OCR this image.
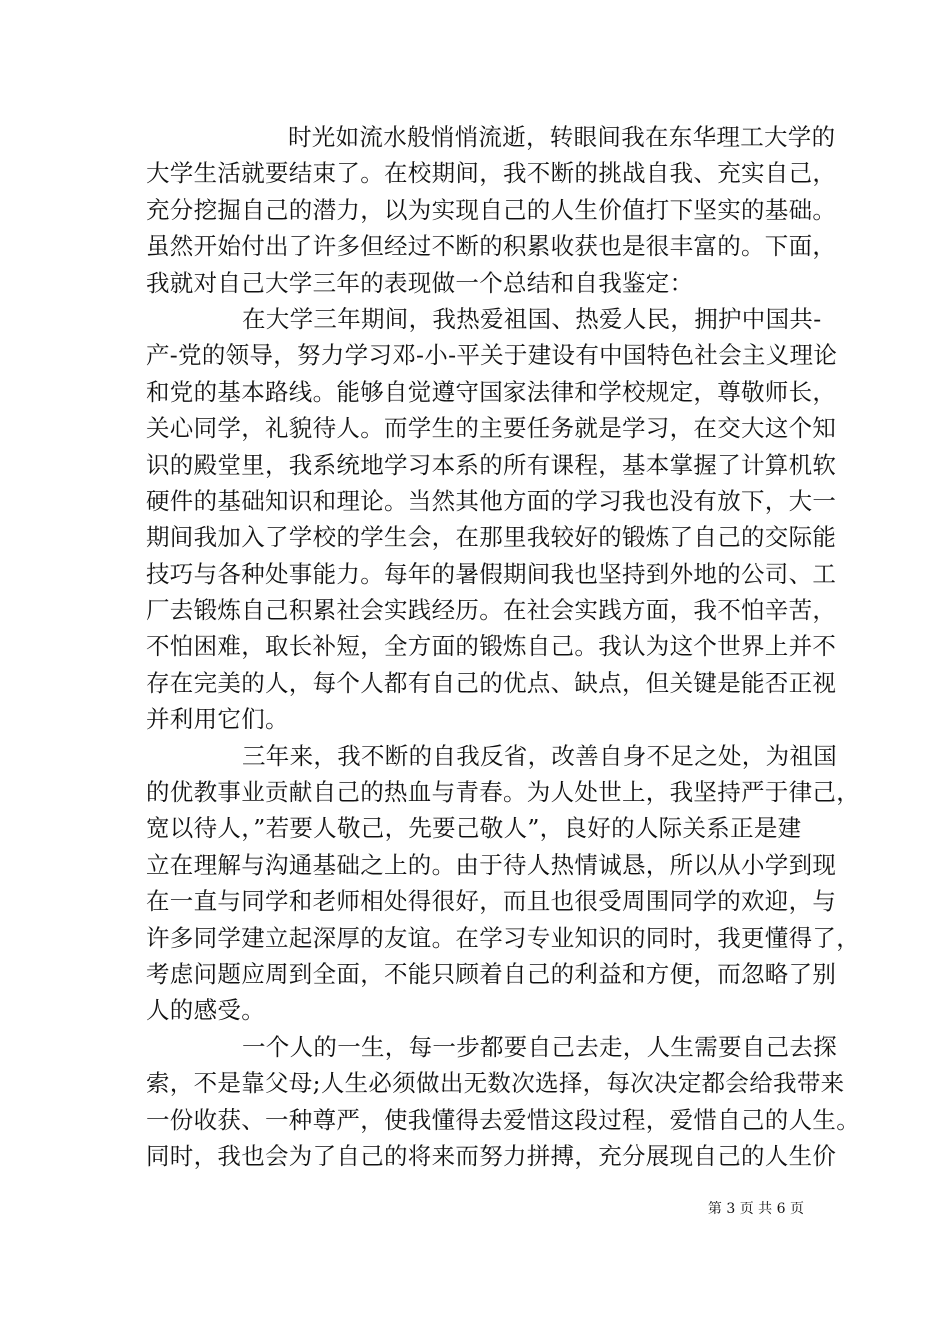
时光如流水般悄悄流逝，转眼间我在东华理工大学的
大学生活就要结束了。在校期间，我不断的挑战自我、充实自己，
充分挖掘自己的潜力，以为实现自己的人生价值打下坚实的基础。
虽然开始付出了许多但经过不断的积累收获也是很丰富的。下面，
我就对自己大学三年的表现做一个总结和自我鉴定：
在大学三年期间，我热爱祖国、热爱人民，拥护中国共-
产-党的领导，努力学习邓-小-平关于建设有中国特色社会主义理论
和党的基本路线。能够自觉遵守国家法律和学校规定，尊敬师长，
关心同学，礼貌待人。而学生的主要任务就是学习，在交大这个知
识的殿堂里，我系统地学习本系的所有课程，基本掌握了计算机软
硬件的基础知识和理论。当然其他方面的学习我也没有放下，大一
期间我加入了学校的学生会，在那里我较好的锻炼了自己的交际能
技巧与各种处事能力。每年的暑假期间我也坚持到外地的公司、工
厂去锻炼自己积累社会实践经历。在社会实践方面，我不怕辛苦，
不怕困难，取长补短，全方面的锻炼自己。我认为这个世界上并不
存在完美的人，每个人都有自己的优点、缺点，但关键是能否正视
并利用它们。
三年来，我不断的自我反省，改善自身不足之处，为祖国
的优教事业贡献自己的热血与青春。为人处世上，我坚持严于律己，
宽以待人，”若要人敬己，先要己敬人”，良好的人际关系正是建
立在理解与沟通基础之上的。由于待人热情诚恳，所以从小学到现
在一直与同学和老师相处得很好，而且也很受周围同学的欢迎，与
许多同学建立起深厚的友谊。在学习专业知识的同时，我更懂得了，
考虑问题应周到全面，不能只顾着自己的利益和方便，而忽略了别
人的感受。
一个人的一生，每一步都要自己去走，人生需要自己去探
索，不是靠父母;人生必须做出无数次选择，每次决定都会给我带来
一份收获、一种尊严，使我懂得去爱惜这段过程，爱惜自己的人生。
同时，我也会为了自己的将来而努力拼搏，充分展现自己的人生价
第 3 页 共 6 页
